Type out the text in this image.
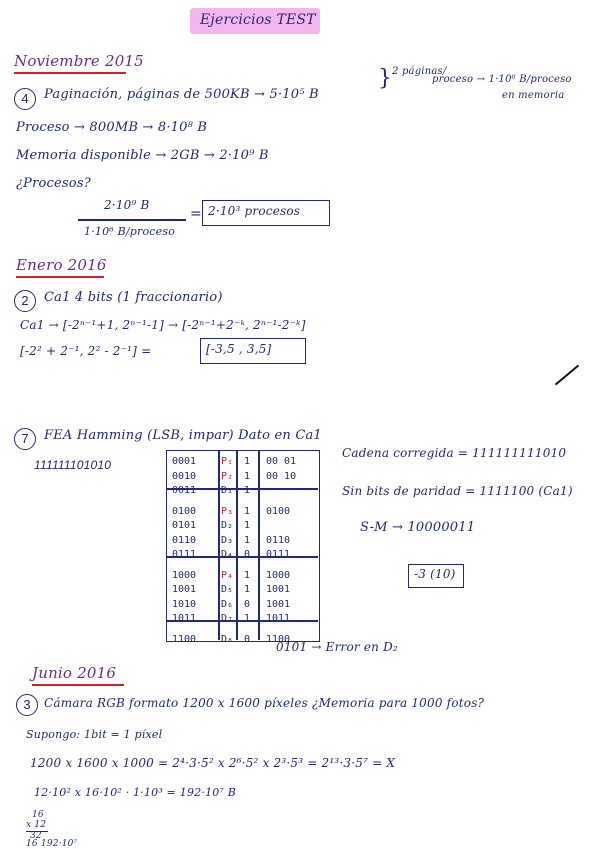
Ejercicios TEST
Noviembre 2015
4	Paginación, páginas de 500KB → 5·10⁵ B
} 2 páginas/
proceso → 1·10⁶ B/proceso
en memoria
Proceso → 800MB → 8·10⁸ B
Memoria disponible → 2GB → 2·10⁹ B
¿Procesos?
2·10⁹ B
1·10⁶ B/proceso
= 2·10³ procesos
Enero 2016
2	Ca1 4 bits (1 fraccionario)
Ca1 → [-2ⁿ⁻¹+1, 2ⁿ⁻¹-1] → [-2ⁿ⁻¹+2⁻ᵏ, 2ⁿ⁻¹-2⁻ᵏ]
[-2² + 2⁻¹, 2² - 2⁻¹] =	[-3,5 , 3,5]
7	FEA Hamming (LSB, impar) Dato en Ca1
111111101010	0001 P₁ 1 00 01
0010 P₂ 1 00 10
0011 D₁ 1
0100 P₃ 1 0100
0101 D₂ 1
0110 D₃ 1 0110
0111 D₄ 0 0111
1000 P₄ 1 1000
1001 D₅ 1 1001
1010 D₆ 0 1001
1011 D₇ 1 1011
1100 D₈ 0 1100
Cadena corregida = 111111111010
Sin bits de paridad = 1111100 (Ca1)
S-M → 10000011
-3 (10)
0101 → Error en D₂
Junio 2016
3	Cámara RGB formato 1200 x 1600 píxeles ¿Memoria para 1000 fotos?
Supongo: 1bit = 1 píxel
1200 x 1600 x 1000 = 2⁴·3·5² x 2⁶·5² x 2³·5³ = 2¹³·3·5⁷ = X
12·10² x 16·10² · 1·10³ = 192·10⁷ B
16
x 12
32
16 192·10⁷
